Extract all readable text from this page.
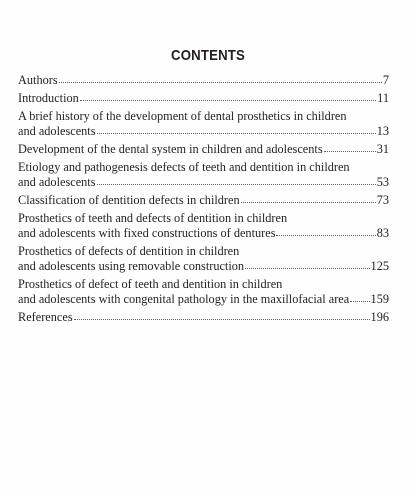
CONTENTS
Authors	7
Introduction	11
A brief history of the development of dental prosthetics in children
and adolescents	13
Development of the dental system in children and adolescents	31
Etiology and pathogenesis defects of teeth and dentition in children
and adolescents	53
Classification of dentition defects in children	73
Prosthetics of teeth and defects of dentition in children
and adolescents with fixed constructions of dentures	83
Prosthetics of defects of dentition in children
and adolescents using removable construction	125
Prosthetics of defect of teeth and dentition in children
and adolescents with congenital pathology in the maxillofacial area 159
References	196
